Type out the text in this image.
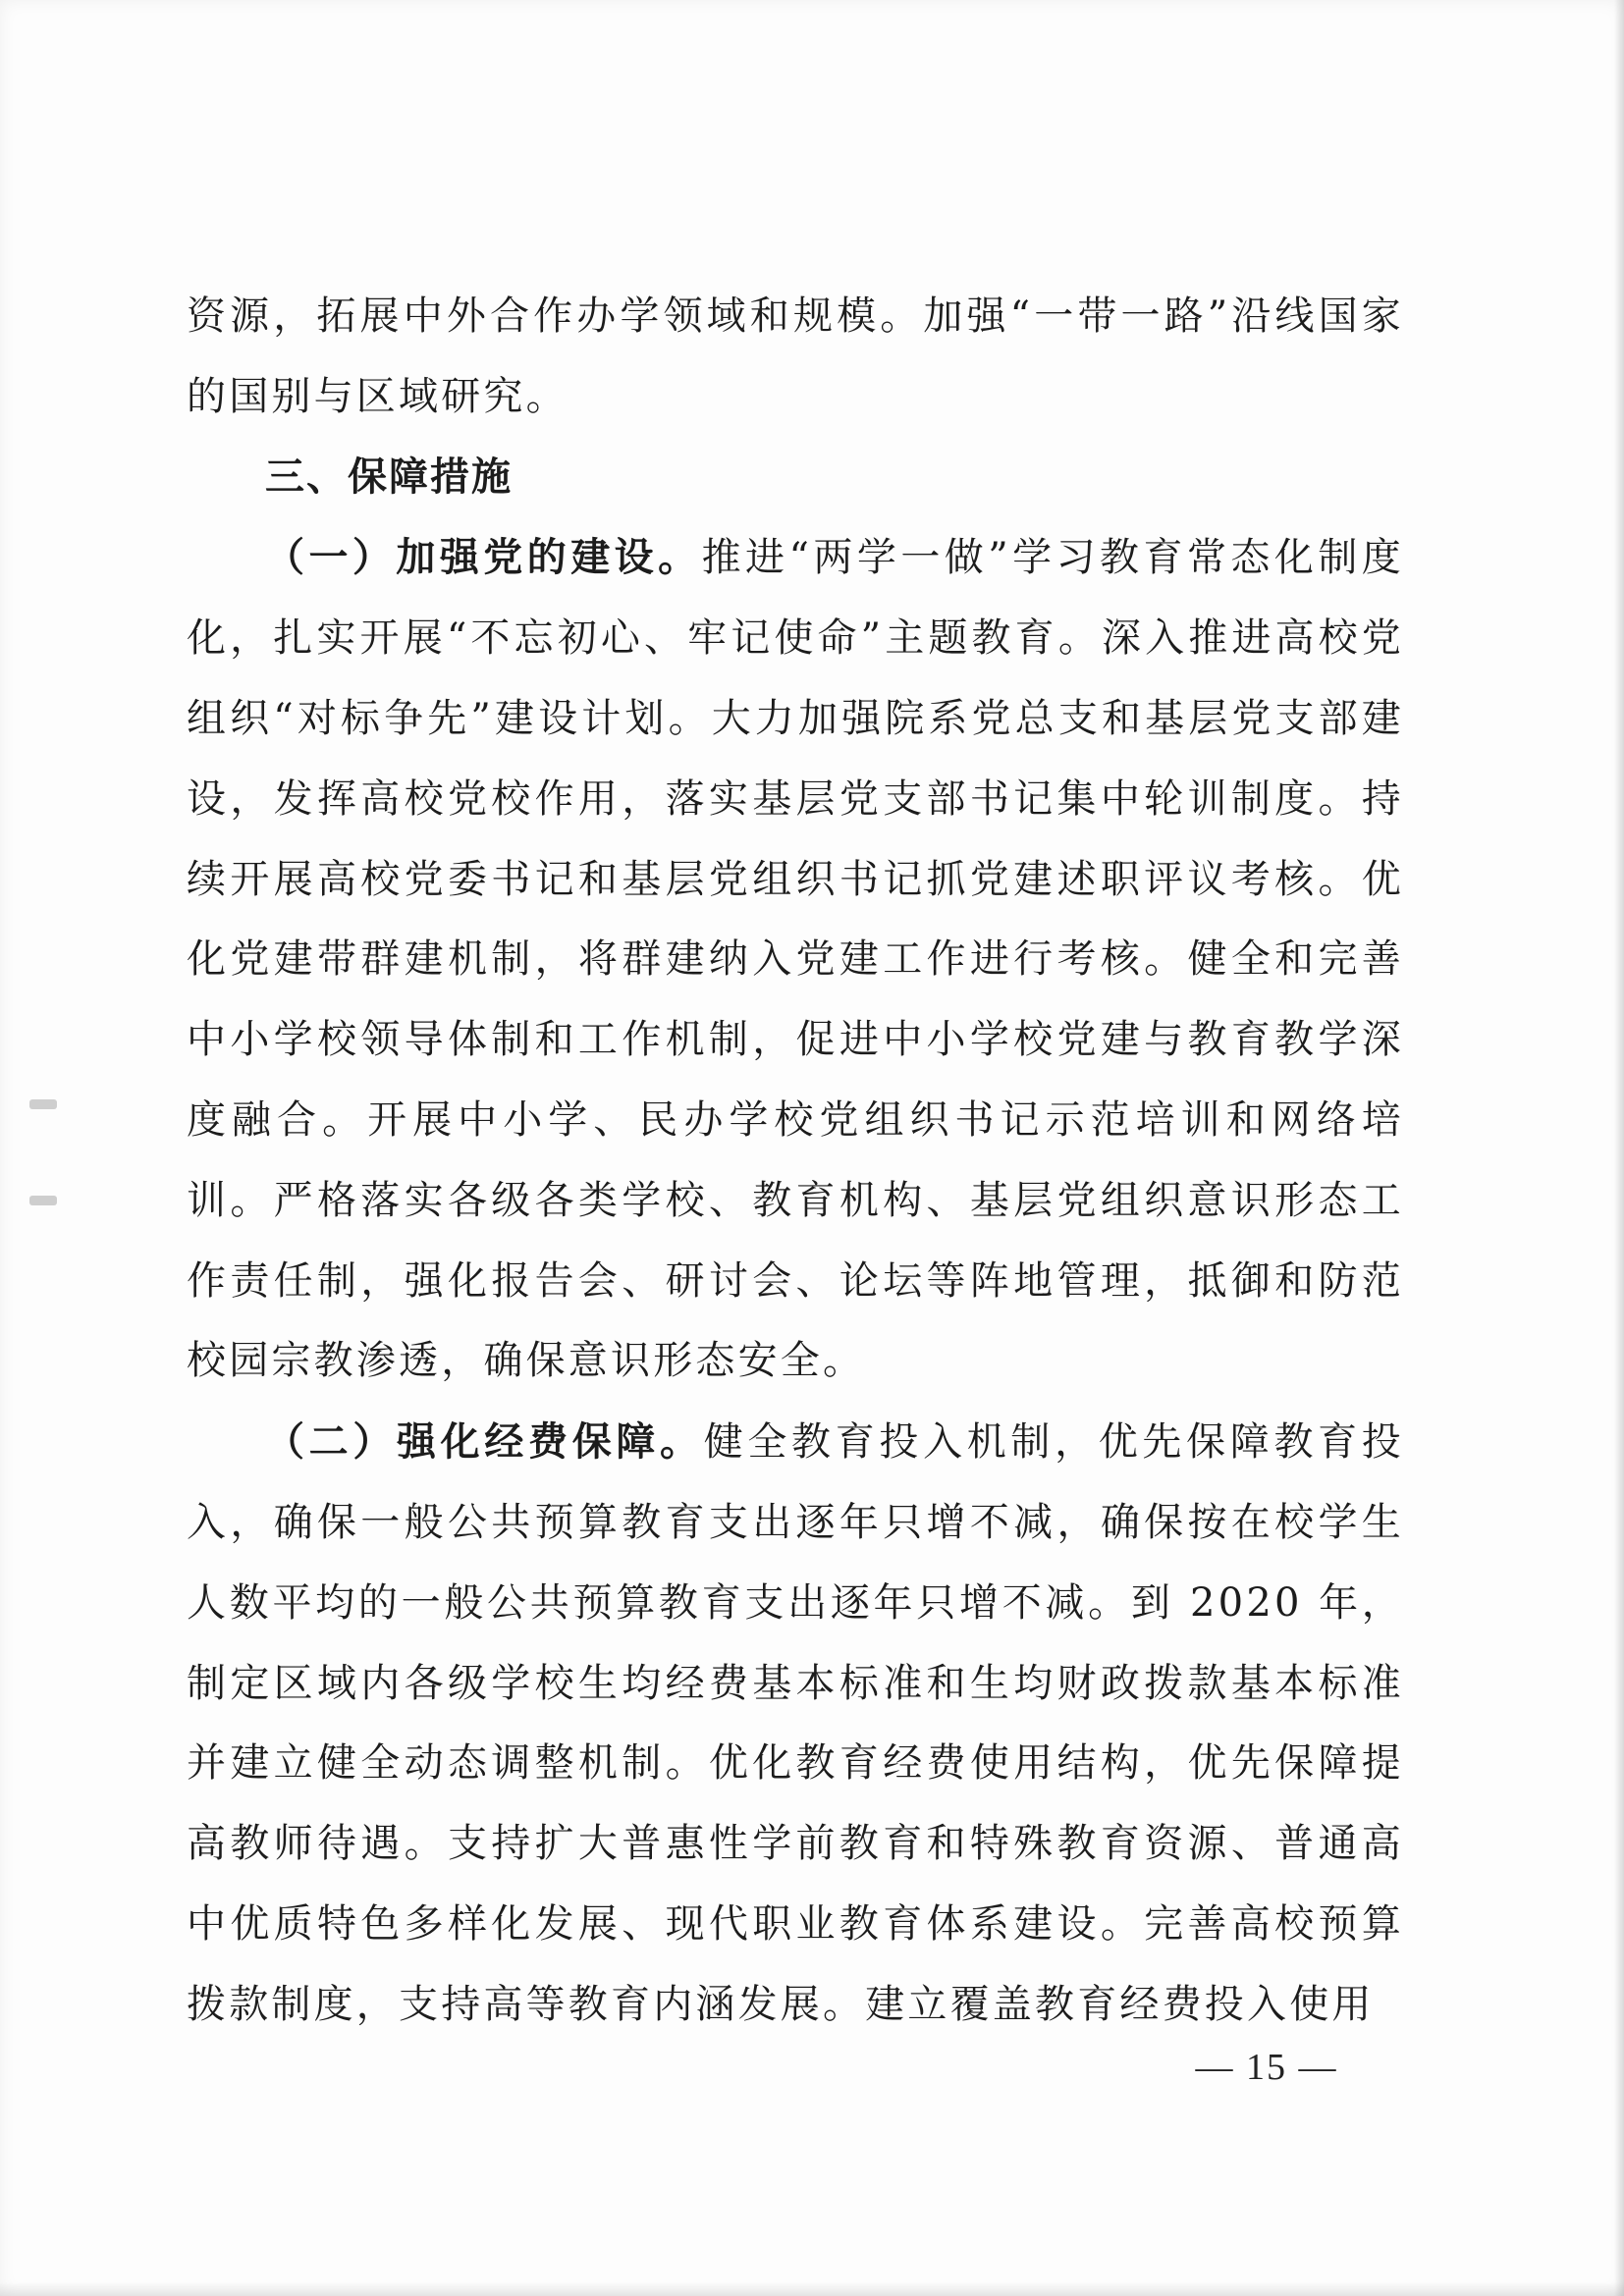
资源，拓展中外合作办学领域和规模。加强“一带一路”沿线国家的国别与区域研究。

三、保障措施

（一）加强党的建设。推进“两学一做”学习教育常态化制度化，扎实开展“不忘初心、牢记使命”主题教育。深入推进高校党组织“对标争先”建设计划。大力加强院系党总支和基层党支部建设，发挥高校党校作用，落实基层党支部书记集中轮训制度。持续开展高校党委书记和基层党组织书记抓党建述职评议考核。优化党建带群建机制，将群建纳入党建工作进行考核。健全和完善中小学校领导体制和工作机制，促进中小学校党建与教育教学深度融合。开展中小学、民办学校党组织书记示范培训和网络培训。严格落实各级各类学校、教育机构、基层党组织意识形态工作责任制，强化报告会、研讨会、论坛等阵地管理，抵御和防范校园宗教渗透，确保意识形态安全。

（二）强化经费保障。健全教育投入机制，优先保障教育投入，确保一般公共预算教育支出逐年只增不减，确保按在校学生人数平均的一般公共预算教育支出逐年只增不减。到 2020 年，制定区域内各级学校生均经费基本标准和生均财政拨款基本标准并建立健全动态调整机制。优化教育经费使用结构，优先保障提高教师待遇。支持扩大普惠性学前教育和特殊教育资源、普通高中优质特色多样化发展、现代职业教育体系建设。完善高校预算拨款制度，支持高等教育内涵发展。建立覆盖教育经费投入使用

— 15 —
